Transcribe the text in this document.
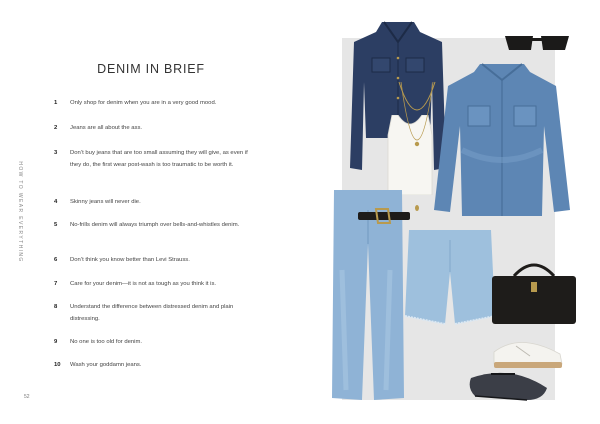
HOW TO WEAR EVERYTHING
52
DENIM IN BRIEF
1 Only shop for denim when you are in a very good mood.
2 Jeans are all about the ass.
3 Don’t buy jeans that are too small assuming they will give, as even if they do, the first wear post-wash is too traumatic to be worth it.
4 Skinny jeans will never die.
5 No-frills denim will always triumph over bells-and-whistles denim.
6 Don’t think you know better than Levi Strauss.
7 Care for your denim—it is not as tough as you think it is.
8 Understand the difference between distressed denim and plain distressing.
9 No one is too old for denim.
10 Wash your goddamn jeans.
